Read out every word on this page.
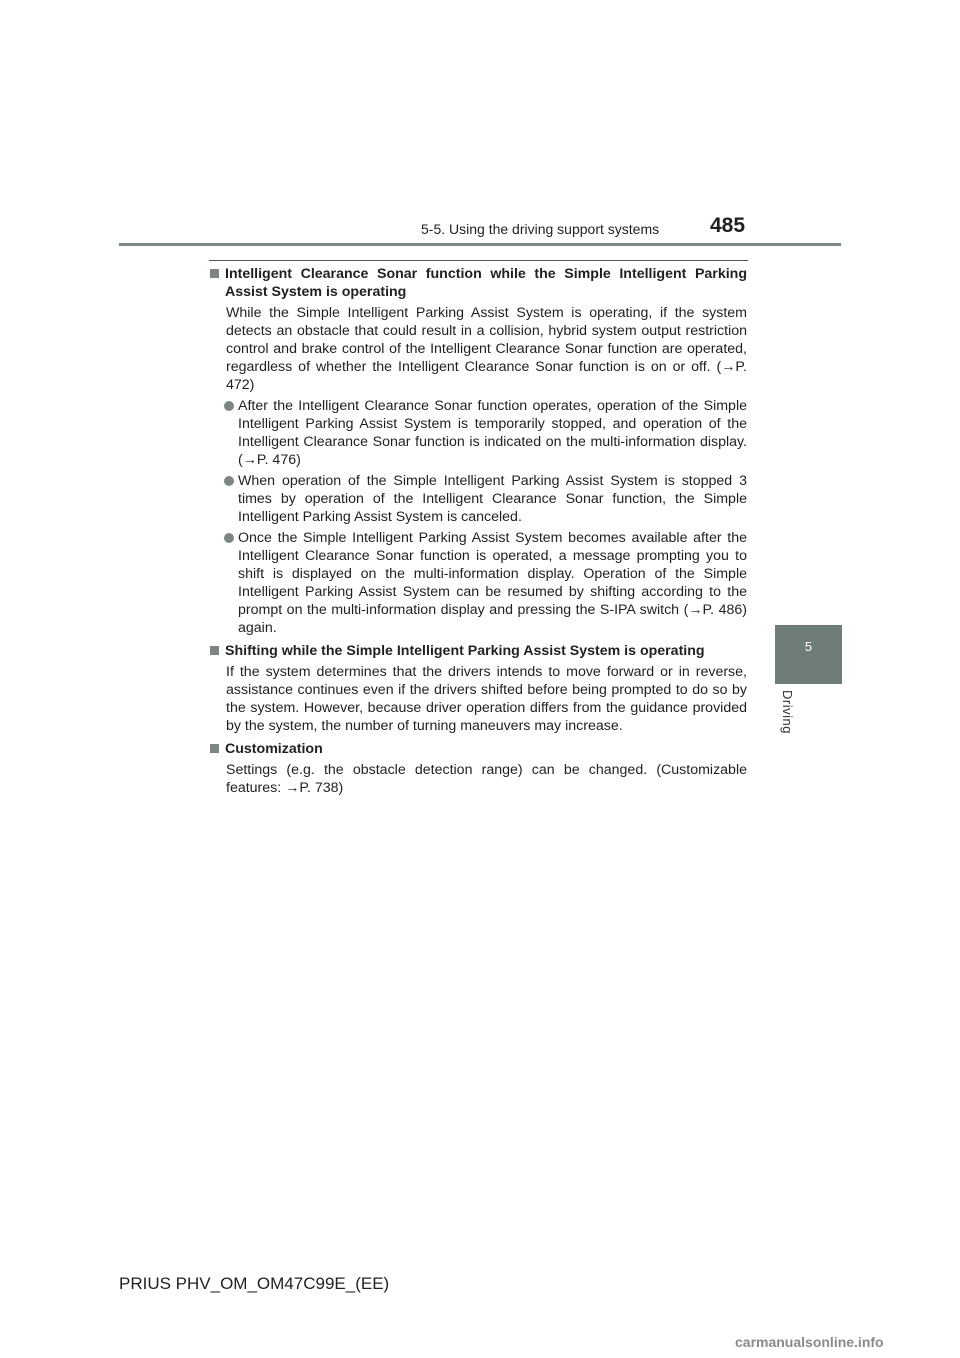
5-5. Using the driving support systems 485
5
Driving
Intelligent Clearance Sonar function while the Simple Intelligent Parking Assist System is operating
While the Simple Intelligent Parking Assist System is operating, if the system detects an obstacle that could result in a collision, hybrid system output restriction control and brake control of the Intelligent Clearance Sonar function are operated, regardless of whether the Intelligent Clearance Sonar function is on or off. (→P. 472)
After the Intelligent Clearance Sonar function operates, operation of the Simple Intelligent Parking Assist System is temporarily stopped, and operation of the Intelligent Clearance Sonar function is indicated on the multi-information display. (→P. 476)
When operation of the Simple Intelligent Parking Assist System is stopped 3 times by operation of the Intelligent Clearance Sonar function, the Simple Intelligent Parking Assist System is canceled.
Once the Simple Intelligent Parking Assist System becomes available after the Intelligent Clearance Sonar function is operated, a message prompting you to shift is displayed on the multi-information display. Operation of the Simple Intelligent Parking Assist System can be resumed by shifting according to the prompt on the multi-information display and pressing the S-IPA switch (→P. 486) again.
Shifting while the Simple Intelligent Parking Assist System is operating
If the system determines that the drivers intends to move forward or in reverse, assistance continues even if the drivers shifted before being prompted to do so by the system. However, because driver operation differs from the guidance provided by the system, the number of turning maneuvers may increase.
Customization
Settings (e.g. the obstacle detection range) can be changed. (Customizable features: →P. 738)
PRIUS PHV_OM_OM47C99E_(EE)
carmanualsonline.info
